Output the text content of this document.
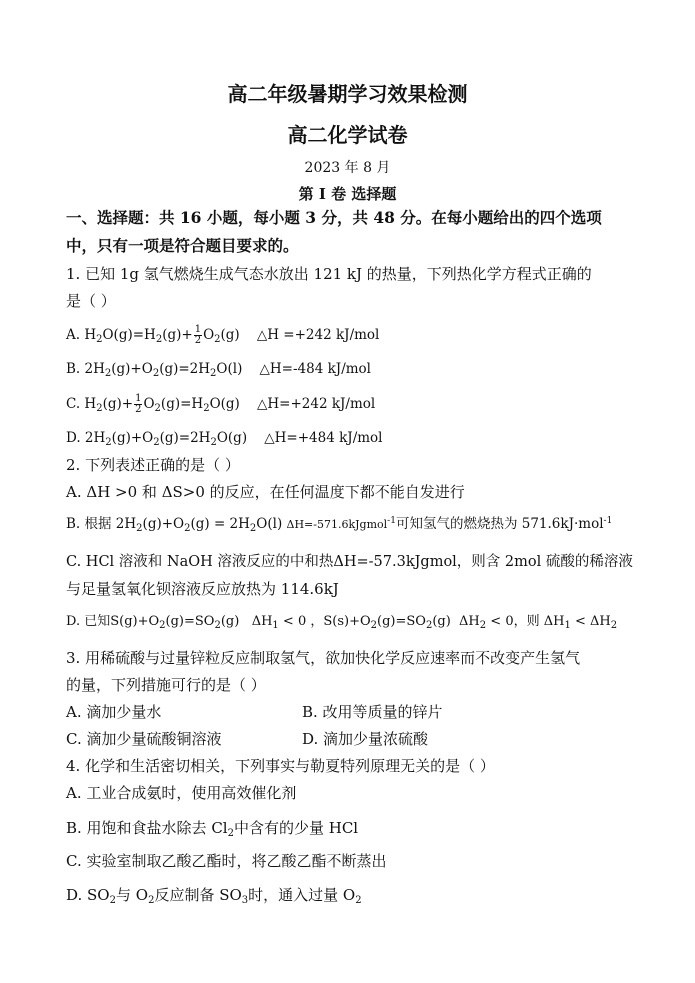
高二年级暑期学习效果检测
高二化学试卷
2023 年 8 月
第 I 卷 选择题
一、选择题：共 16 小题，每小题 3 分，共 48 分。在每小题给出的四个选项
中，只有一项是符合题目要求的。
1. 已知 1g 氢气燃烧生成气态水放出 121 kJ 的热量，下列热化学方程式正确的
是（ ）
A. $H_2O(g)=H_2(g)+ \frac{1}{2} O_2(g)$    △H =+242 kJ/mol
B. $2H_2(g)+O_2(g)=2H_2O(l)$    △H=-484 kJ/mol
C. $H_2(g)+ \frac{1}{2} O_2(g)=H_2O(g)$    △H=+242 kJ/mol
D. $2H_2(g)+O_2(g)=2H_2O(g)$    △H=+484 kJ/mol
2. 下列表述正确的是（ ）
A. ΔH >0 和 ΔS>0 的反应，在任何温度下都不能自发进行
B. 根据 $2H_2(g)+O_2(g) = 2H_2O(l)$ ΔH=-571.6kJgmol$^{-1}$可知氢气的燃烧热为 571.6kJ·mol$^{-1}$
C. HCl 溶液和 NaOH 溶液反应的中和热ΔH=-57.3kJgmol，则含 2mol 硫酸的稀溶液
与足量氢氧化钡溶液反应放热为 114.6kJ
D. 已知$S(g)+O_2(g)=SO_2(g) \Delta H_1 < 0$ ，$S(s)+O_2(g)=SO_2(g) \Delta H_2 < 0$，则 $\Delta H_1 < \Delta H_2$
3. 用稀硫酸与过量锌粒反应制取氢气，欲加快化学反应速率而不改变产生氢气
的量，下列措施可行的是（ ）
A. 滴加少量水	B. 改用等质量的锌片
C. 滴加少量硫酸铜溶液	D. 滴加少量浓硫酸
4. 化学和生活密切相关，下列事实与勒夏特列原理无关的是（ ）
A. 工业合成氨时，使用高效催化剂
B. 用饱和食盐水除去 $Cl_2$中含有的少量 HCl
C. 实验室制取乙酸乙酯时，将乙酸乙酯不断蒸出
D. $SO_2$与 $O_2$反应制备 $SO_3$时，通入过量 $O_2$
